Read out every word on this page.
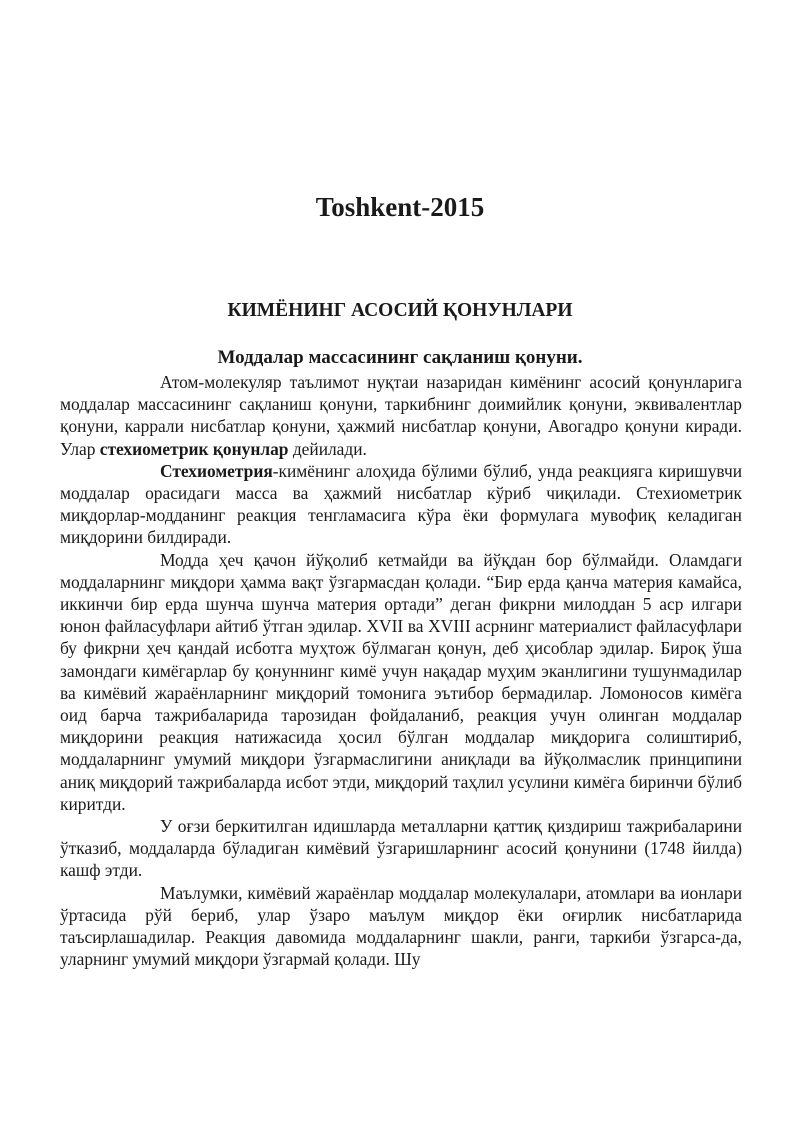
Toshkent-2015
КИМЁНИНГ АСОСИЙ ҚОНУНЛАРИ
Моддалар массасининг сақланиш қонуни.

Атом-молекуляр таълимот нуқтаи назаридан кимёнинг асосий қонунларига моддалар массасининг сақланиш қонуни, таркибнинг доимийлик қонуни, эквивалентлар қонуни, каррали нисбатлар қонуни, ҳажмий нисбатлар қонуни, Авогадро қонуни киради. Улар стехиометрик қонунлар дейилади.

Стехиометрия-кимёнинг алоҳида бўлими бўлиб, унда реакцияга киришувчи моддалар орасидаги масса ва ҳажмий нисбатлар кўриб чиқилади. Стехиометрик миқдорлар-модданинг реакция тенгламасига кўра ёки формулага мувофиқ келадиган миқдорини билдиради.

Модда ҳеч қачон йўқолиб кетмайди ва йўқдан бор бўлмайди. Оламдаги моддаларнинг миқдори ҳамма вақт ўзгармасдан қолади. “Бир ерда қанча материя камайса, иккинчи бир ерда шунча шунча материя ортади” деган фикрни милоддан 5 аср илгари юнон файласуфлари айтиб ўтган эдилар. XVII ва XVIII асрнинг материалист файласуфлари бу фикрни ҳеч қандай исботга муҳтож бўлмаган қонун, деб ҳисоблар эдилар. Бироқ ўша замондаги кимёгарлар бу қонуннинг кимё учун нақадар муҳим эканлигини тушунмадилар ва кимёвий жараёнларнинг миқдорий томонига эътибор бермадилар. Ломоносов кимёга оид барча тажрибаларида тарозидан фойдаланиб, реакция учун олинган моддалар миқдорини реакция натижасида ҳосил бўлган моддалар миқдорига солиштириб, моддаларнинг умумий миқдори ўзгармаслигини аниқлади ва йўқолмаслик принципини аниқ миқдорий тажрибаларда исбот этди, миқдорий таҳлил усулини кимёга биринчи бўлиб киритди.

У оғзи беркитилган идишларда металларни қаттиқ қиздириш тажрибаларини ўтказиб, моддаларда бўладиган кимёвий ўзгаришларнинг асосий қонунини (1748 йилда) кашф этди.

Маълумки, кимёвий жараёнлар моддалар молекулалари, атомлари ва ионлари ўртасида рўй бериб, улар ўзаро маълум миқдор ёки оғирлик нисбатларида таъсирлашадилар. Реакция давомида моддаларнинг шакли, ранги, таркиби ўзгарса-да, уларнинг умумий миқдори ўзгармай қолади. Шу
